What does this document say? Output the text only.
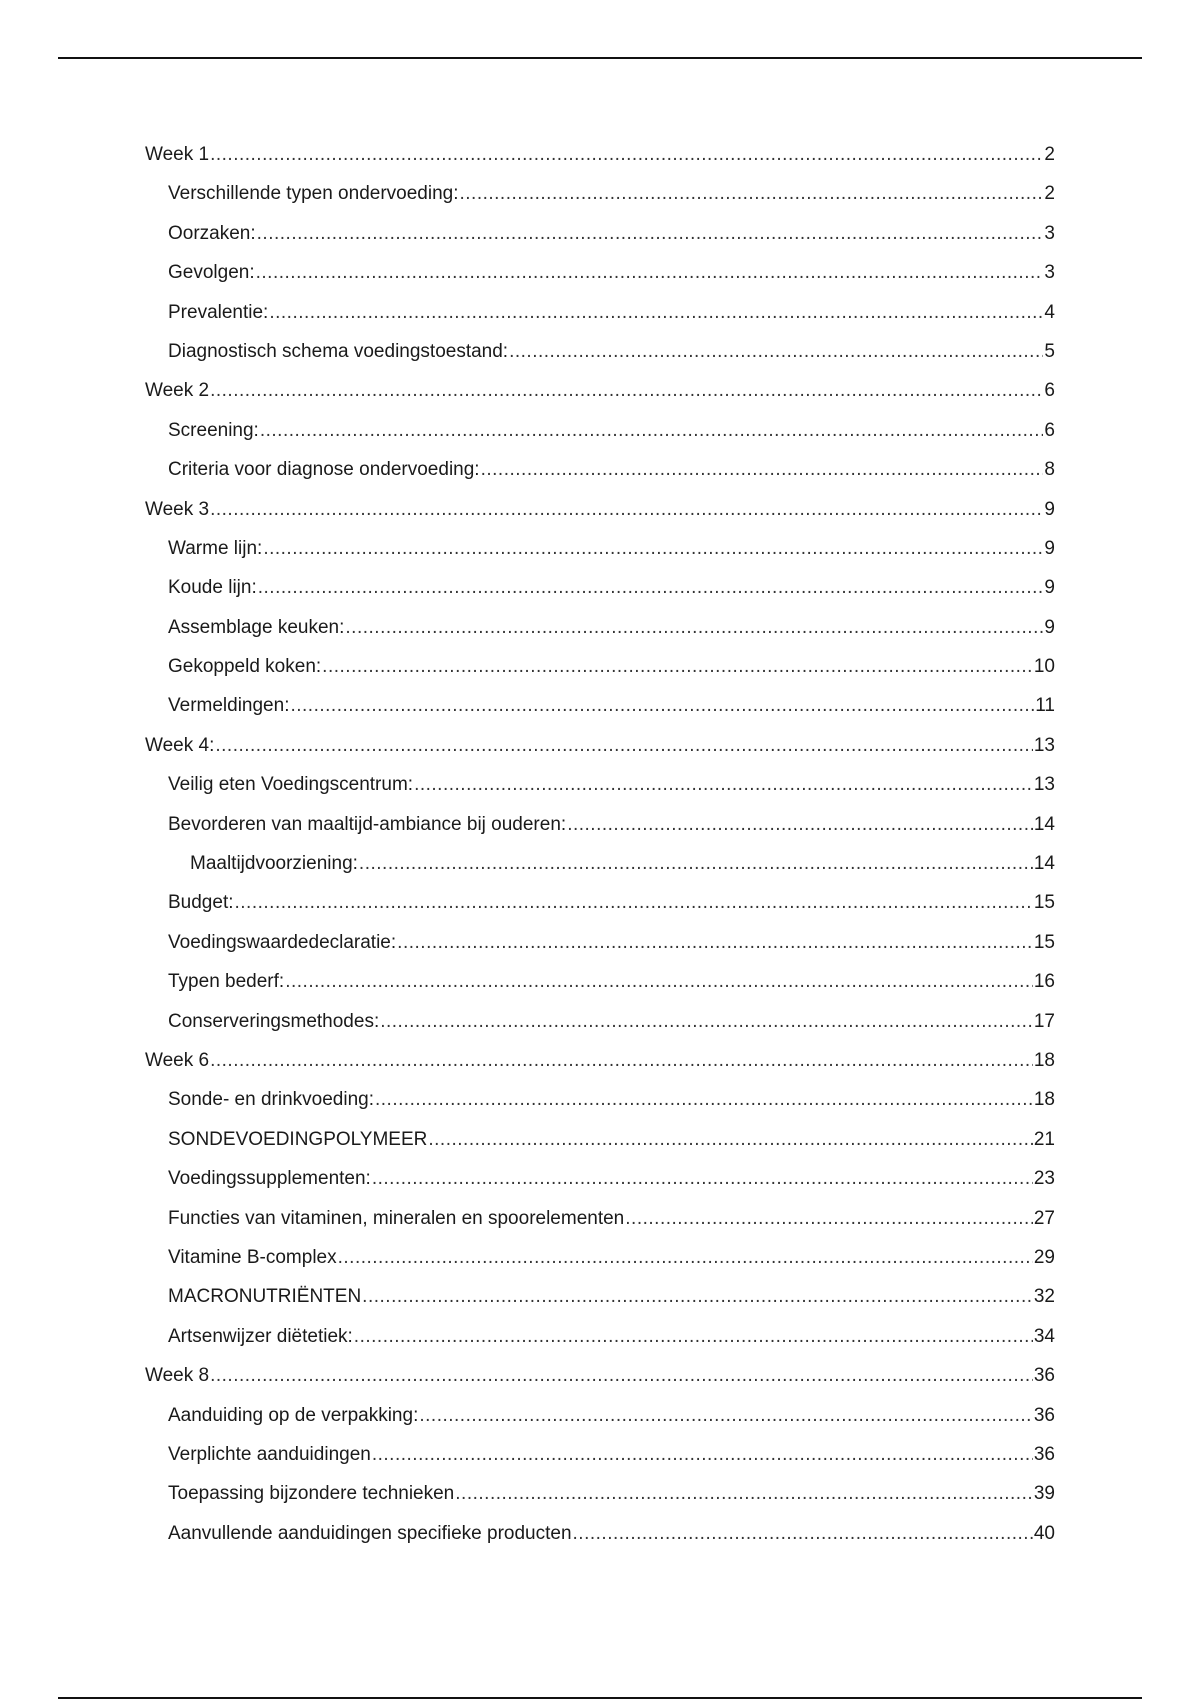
Week 1 .....	2
Verschillende typen ondervoeding: .....	2
Oorzaken: .....	3
Gevolgen: .....	3
Prevalentie: .....	4
Diagnostisch schema voedingstoestand: .....	5
Week 2 .....	6
Screening: .....	6
Criteria voor diagnose ondervoeding: .....	8
Week 3 .....	9
Warme lijn: .....	9
Koude lijn: .....	9
Assemblage keuken: .....	9
Gekoppeld koken: .....	10
Vermeldingen: .....	11
Week 4: .....	13
Veilig eten Voedingscentrum: .....	13
Bevorderen van maaltijd-ambiance bij ouderen: .....	14
Maaltijdvoorziening: .....	14
Budget: .....	15
Voedingswaardedeclaratie: .....	15
Typen bederf: .....	16
Conserveringsmethodes: .....	17
Week 6 .....	18
Sonde- en drinkvoeding: .....	18
SONDEVOEDINGPOLYMEER .....	21
Voedingssupplementen: .....	23
Functies van vitaminen, mineralen en spoorelementen .....	27
Vitamine B-complex .....	29
MACRONUTRIËNTEN .....	32
Artsenwijzer diëtetiek: .....	34
Week 8 .....	36
Aanduiding op de verpakking: .....	36
Verplichte aanduidingen .....	36
Toepassing bijzondere technieken .....	39
Aanvullende aanduidingen specifieke producten .....	40
